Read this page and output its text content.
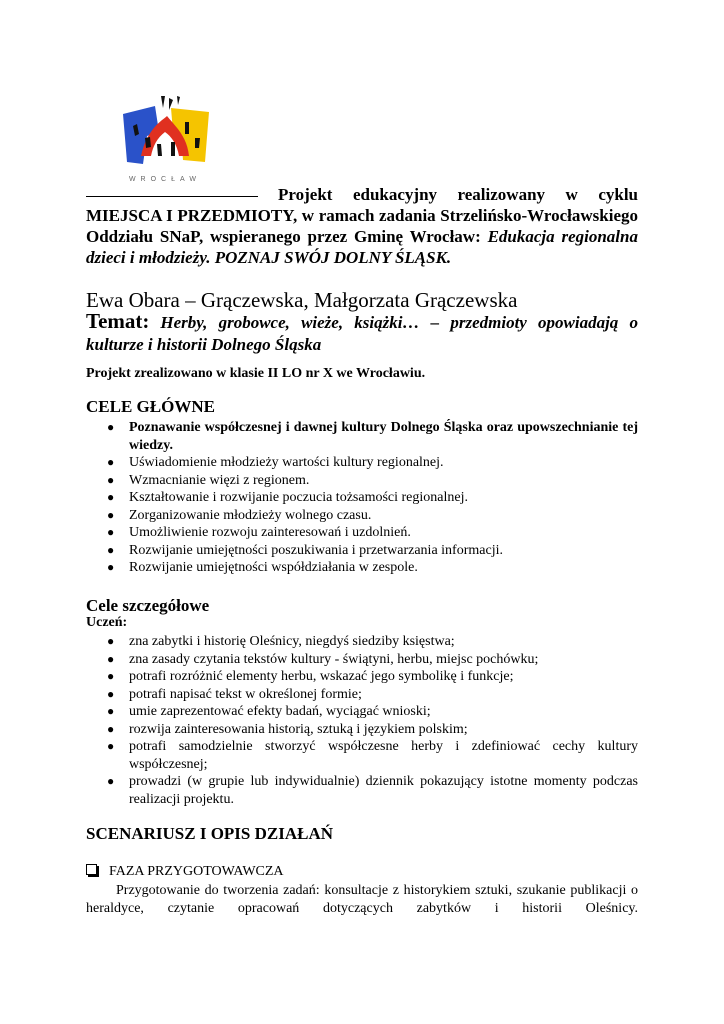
WROCŁAW

Projekt edukacyjny realizowany w cyklu MIEJSCA I PRZEDMIOTY, w ramach zadania Strzelińsko-Wrocławskiego Oddziału SNaP, wspieranego przez Gminę Wrocław: Edukacja regionalna dzieci i młodzieży. POZNAJ SWÓJ DOLNY ŚLĄSK.

Ewa Obara – Grączewska, Małgorzata Grączewska

Temat: Herby, grobowce, wieże, książki… – przedmioty opowiadają o kulturze i historii Dolnego Śląska

Projekt zrealizowano w klasie II LO nr X we Wrocławiu.
CELE GŁÓWNE
● Poznawanie współczesnej i dawnej kultury Dolnego Śląska oraz upowszechnianie tej wiedzy.
● Uświadomienie młodzieży wartości kultury regionalnej.
● Wzmacnianie więzi z regionem.
● Kształtowanie i rozwijanie poczucia tożsamości regionalnej.
● Zorganizowanie młodzieży wolnego czasu.
● Umożliwienie rozwoju zainteresowań i uzdolnień.
● Rozwijanie umiejętności poszukiwania i przetwarzania informacji.
● Rozwijanie umiejętności współdziałania w zespole.
Cele szczegółowe
Uczeń:
● zna zabytki i historię Oleśnicy, niegdyś siedziby księstwa;
● zna zasady czytania tekstów kultury - świątyni, herbu, miejsc pochówku;
● potrafi rozróżnić elementy herbu, wskazać jego symbolikę i funkcje;
● potrafi napisać tekst w określonej formie;
● umie zaprezentować efekty badań, wyciągać wnioski;
● rozwija zainteresowania historią, sztuką i językiem polskim;
● potrafi samodzielnie stworzyć współczesne herby i zdefiniować cechy kultury współczesnej;
● prowadzi (w grupie lub indywidualnie) dziennik pokazujący istotne momenty podczas realizacji projektu.
SCENARIUSZ I OPIS DZIAŁAŃ
FAZA PRZYGOTOWAWCZA

Przygotowanie do tworzenia zadań: konsultacje z historykiem sztuki, szukanie publikacji o heraldyce, czytanie opracowań dotyczących zabytków i historii Oleśnicy.
